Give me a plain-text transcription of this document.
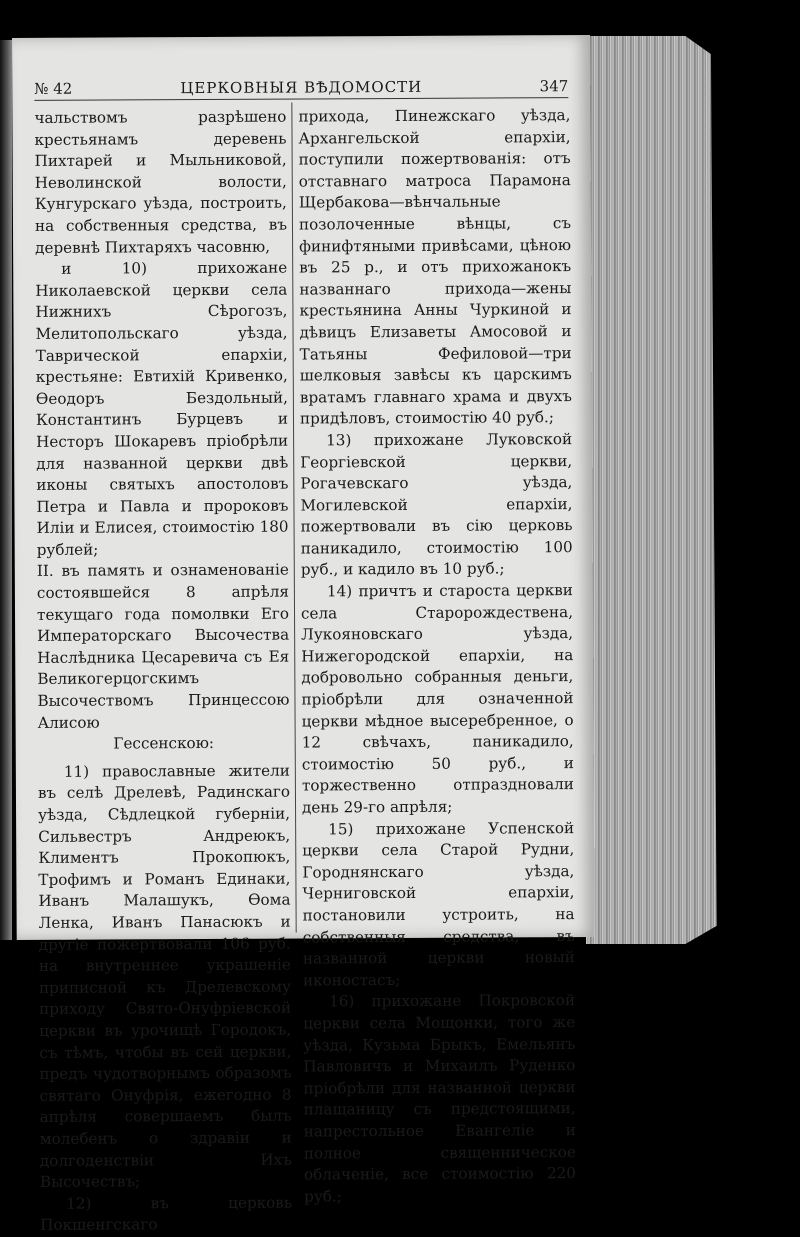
№ 42	ЦЕРКОВНЫЯ ВѢДОМОСТИ	347

чальствомъ разрѣшено крестьянамъ деревень Пихтарей и Мыльниковой, Неволинской волости, Кунгурскаго уѣзда, построить, на собственныя средства, въ деревнѣ Пихтаряхъ часовню,

и 10) прихожане Николаевской церкви села Нижнихъ Сѣрогозъ, Мелитопольскаго уѣзда, Таврической епархіи, крестьяне: Евтихій Кривенко, Ѳеодоръ Бездольный, Константинъ Бурцевъ и Несторъ Шокаревъ пріобрѣли для названной церкви двѣ иконы святыхъ апостоловъ Петра и Павла и пророковъ Иліи и Елисея, стоимостію 180 рублей;

II. въ память и ознаменованіе состоявшейся 8 апрѣля текущаго года помолвки Его Императорскаго Высочества Наслѣдника Цесаревича съ Ея Великогерцогскимъ Высочествомъ Принцессою Алисою

Гессенскою:

11) православные жители въ селѣ Дрелевѣ, Радинскаго уѣзда, Сѣдлецкой губерніи, Сильвестръ Андреюкъ, Климентъ Прокопюкъ, Трофимъ и Романъ Единаки, Иванъ Малашукъ, Ѳома Ленка, Иванъ Панасюкъ и другіе пожертвовали 106 руб. на внутреннее украшеніе приписной къ Дрелевскому приходу Свято-Онуфріевской церкви въ урочищѣ Городокъ, съ тѣмъ, чтобы въ сей церкви, предъ чудотворнымъ образомъ святаго Онуфрія, ежегодно 8 апрѣля совершаемъ былъ молебенъ о здравіи и долгоденствіи Ихъ Высочествъ;

12) въ церковь Покшенгскаго

прихода, Пинежскаго уѣзда, Архангельской епархіи, поступили пожертвованія: отъ отставнаго матроса Парамона Щербакова—вѣнчальные позолоченные вѣнцы, съ финифтяными привѣсами, цѣною въ 25 р., и отъ прихожанокъ названнаго прихода—жены крестьянина Анны Чуркиной и дѣвицъ Елизаветы Амосовой и Татьяны Фефиловой—три шелковыя завѣсы къ царскимъ вратамъ главнаго храма и двухъ придѣловъ, стоимостію 40 руб.;

13) прихожане Луковской Георгіевской церкви, Рогачевскаго уѣзда, Могилевской епархіи, пожертвовали въ сію церковь паникадило, стоимостію 100 руб., и кадило въ 10 руб.;

14) причтъ и староста церкви села Старорождествена, Лукояновскаго уѣзда, Нижегородской епархіи, на добровольно собранныя деньги, пріобрѣли для означенной церкви мѣдное высеребренное, о 12 свѣчахъ, паникадило, стоимостію 50 руб., и торжественно отпраздновали день 29-го апрѣля;

15) прихожане Успенской церкви села Старой Рудни, Городнянскаго уѣзда, Черниговской епархіи, постановили устроить, на собственныя средства, въ названной церкви новый иконостасъ;

16) прихожане Покровской церкви села Мощонки, того же уѣзда, Кузьма Брыкъ, Емельянъ Павловичъ и Михаилъ Руденко пріобрѣли для названной церкви плащаницу съ предстоящими, напрестольное Евангеліе и полное священническое облаченіе, все стоимостію 220 руб.;
